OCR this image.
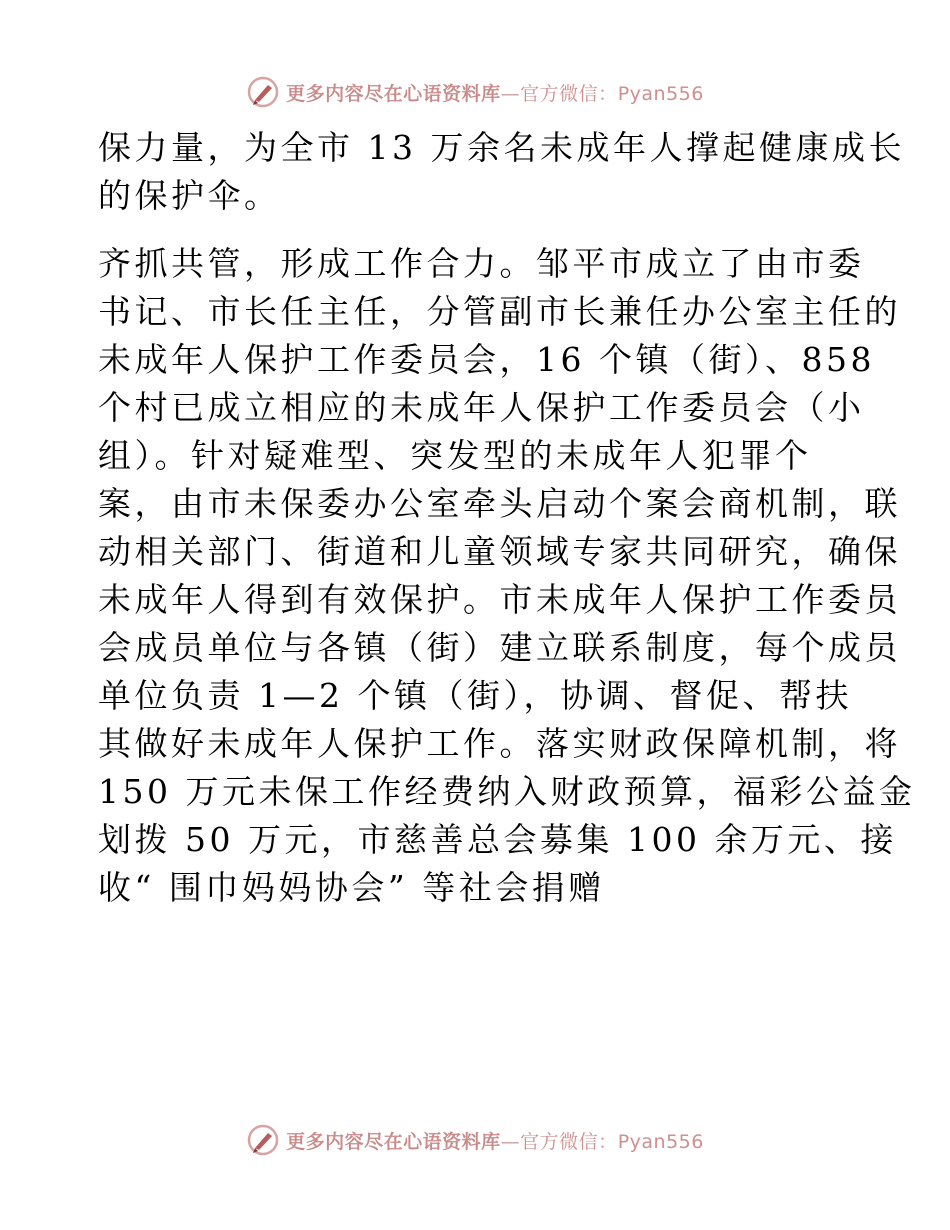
更多内容尽在心语资料库—官方微信：Pyan556
保力量，为全市 13 万余名未成年人撑起健康成长
的保护伞。
齐抓共管，形成工作合力。邹平市成立了由市委
书记、市长任主任，分管副市长兼任办公室主任的
未成年人保护工作委员会，16 个镇（街）、858
个村已成立相应的未成年人保护工作委员会（小
组）。针对疑难型、突发型的未成年人犯罪个
案，由市未保委办公室牵头启动个案会商机制，联
动相关部门、街道和儿童领域专家共同研究，确保
未成年人得到有效保护。市未成年人保护工作委员
会成员单位与各镇（街）建立联系制度，每个成员
单位负责 1—2 个镇（街），协调、督促、帮扶
其做好未成年人保护工作。落实财政保障机制，将
150 万元未保工作经费纳入财政预算，福彩公益金
划拨 50 万元，市慈善总会募集 100 余万元、接
收“ 围巾妈妈协会” 等社会捐赠
更多内容尽在心语资料库—官方微信：Pyan556
